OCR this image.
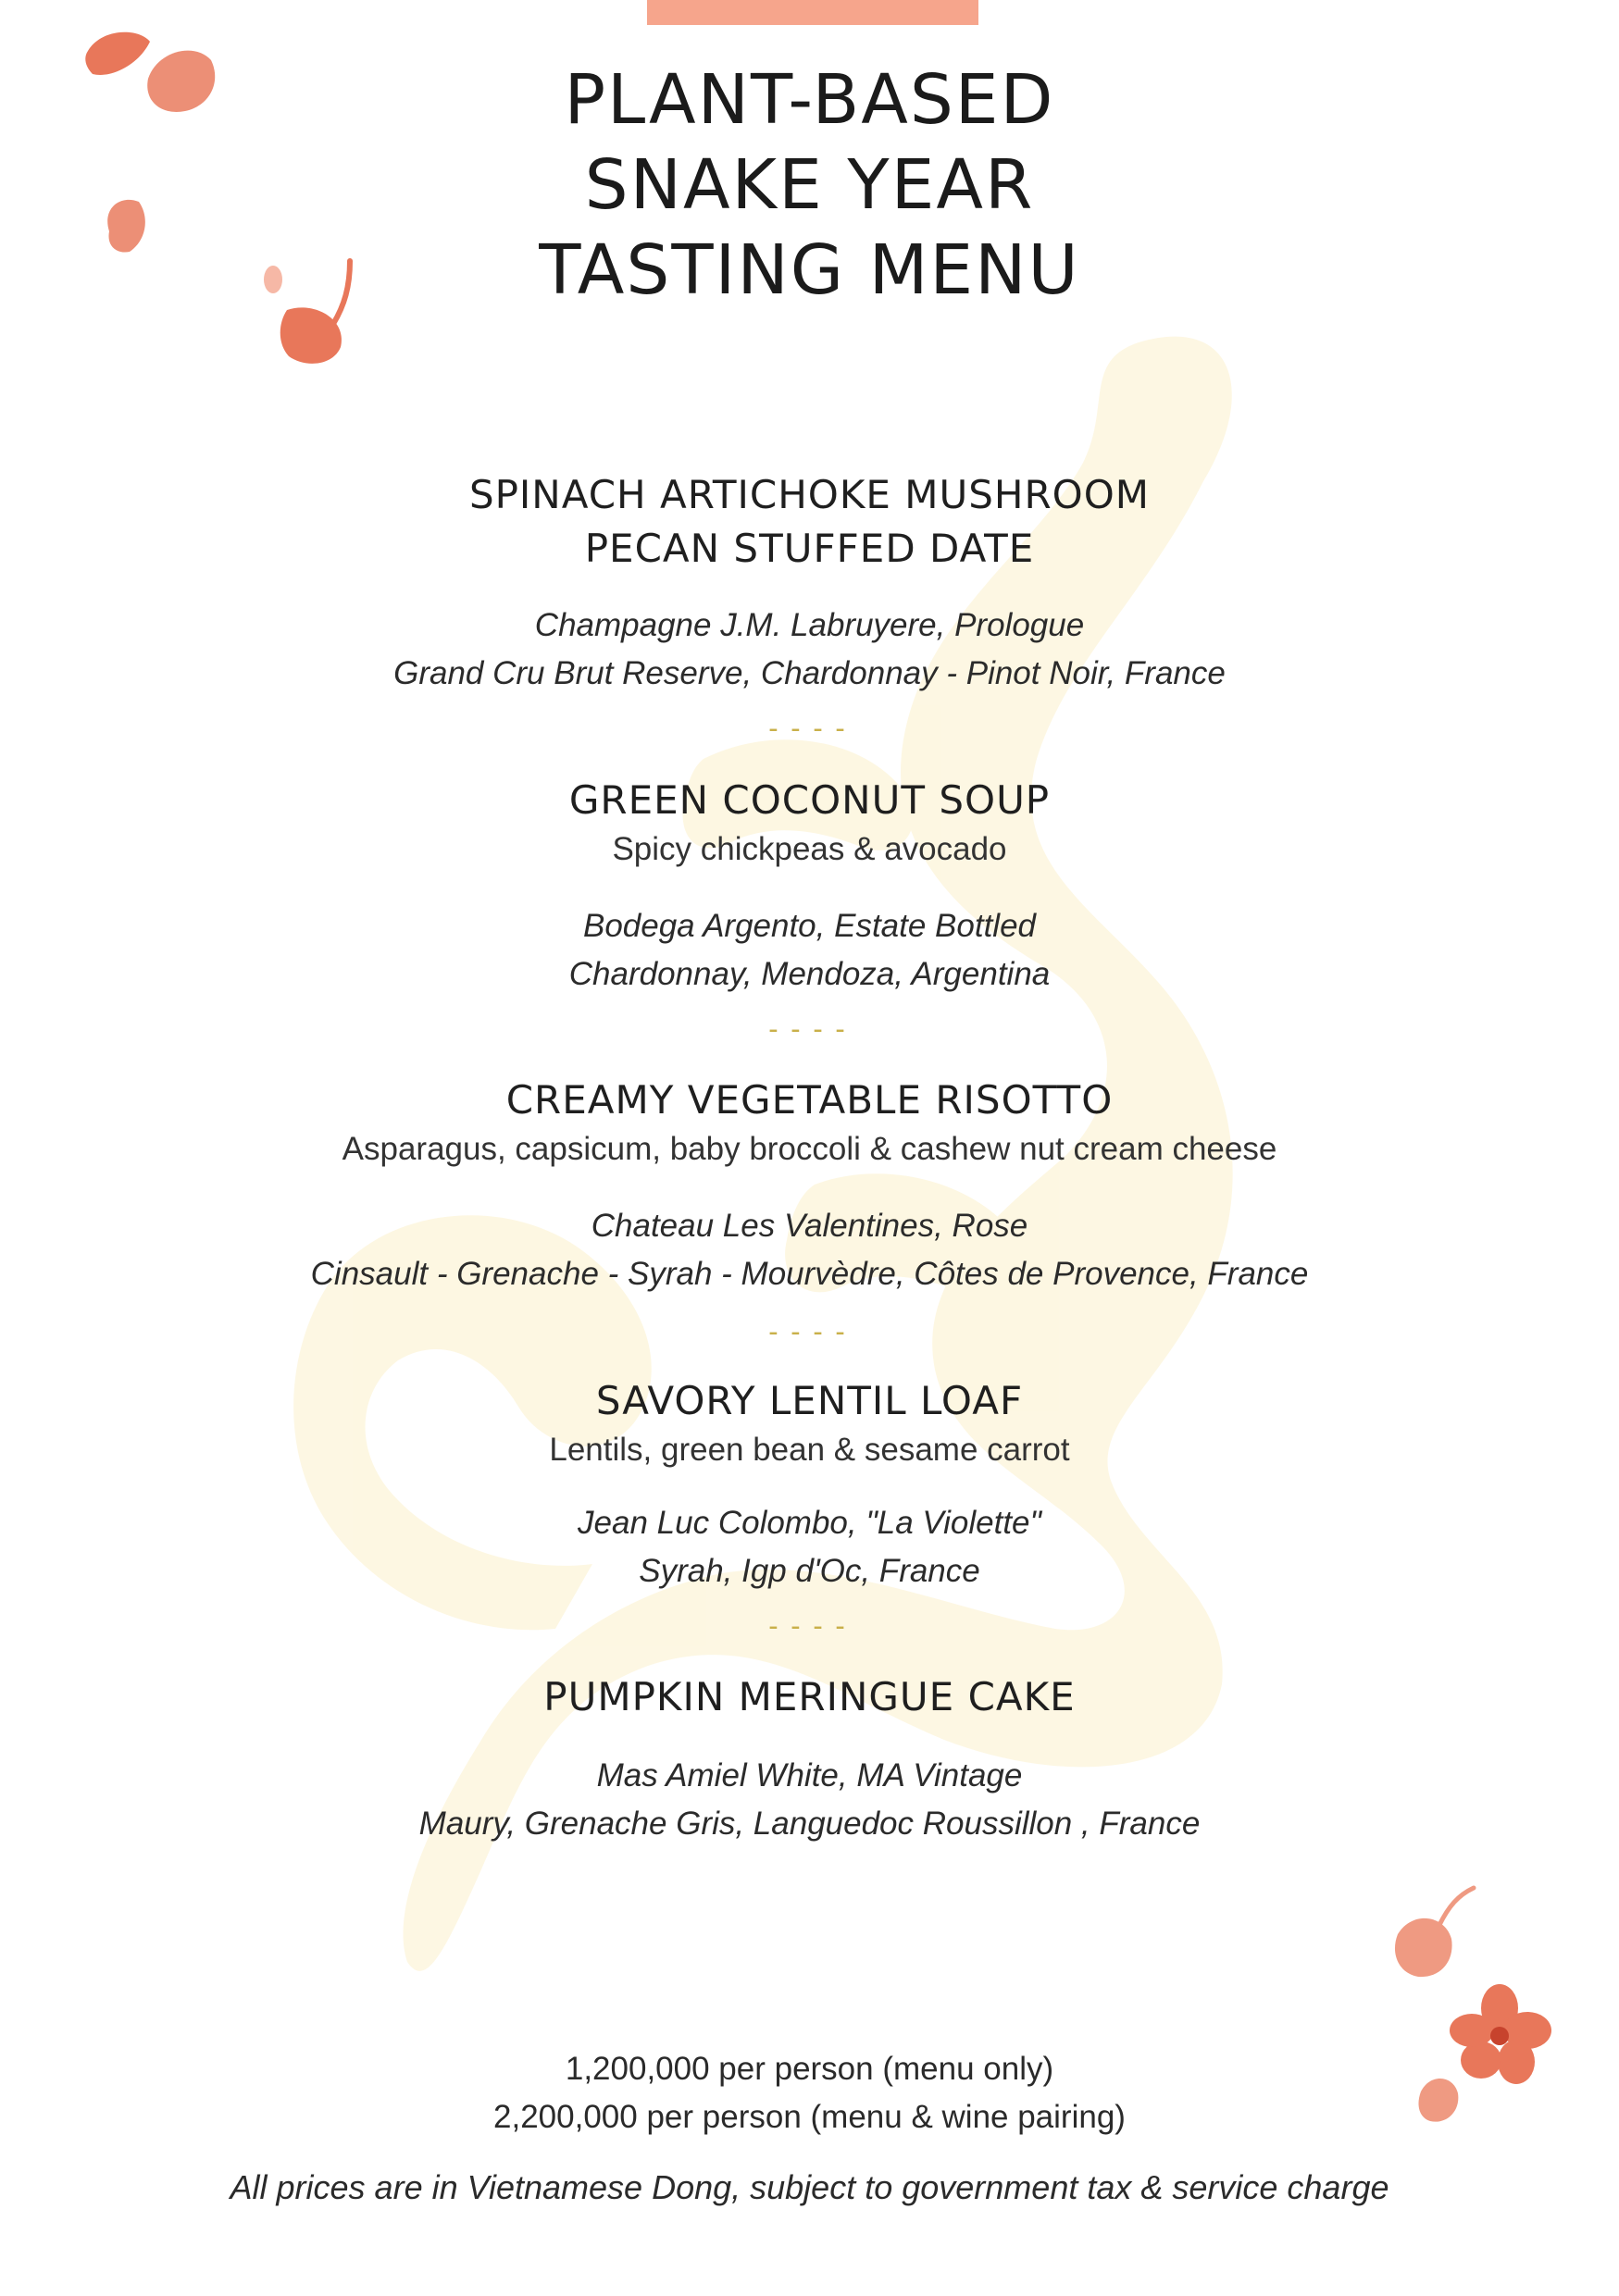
PLANT-BASED
SNAKE YEAR
TASTING MENU
SPINACH ARTICHOKE MUSHROOM
PECAN STUFFED DATE
Champagne J.M. Labruyere, Prologue
Grand Cru Brut Reserve, Chardonnay - Pinot Noir, France
----
GREEN COCONUT SOUP
Spicy chickpeas & avocado
Bodega Argento, Estate Bottled
Chardonnay, Mendoza, Argentina
----
CREAMY VEGETABLE RISOTTO
Asparagus, capsicum, baby broccoli & cashew nut cream cheese
Chateau Les Valentines, Rose
Cinsault - Grenache - Syrah - Mourvèdre, Côtes de Provence, France
----
SAVORY LENTIL LOAF
Lentils, green bean & sesame carrot
Jean Luc Colombo, "La Violette"
Syrah, Igp d'Oc, France
----
PUMPKIN MERINGUE CAKE
Mas Amiel White, MA Vintage
Maury, Grenache Gris, Languedoc Roussillon , France
1,200,000 per person (menu only)
2,200,000 per person (menu & wine pairing)
All prices are in Vietnamese Dong, subject to government tax & service charge
